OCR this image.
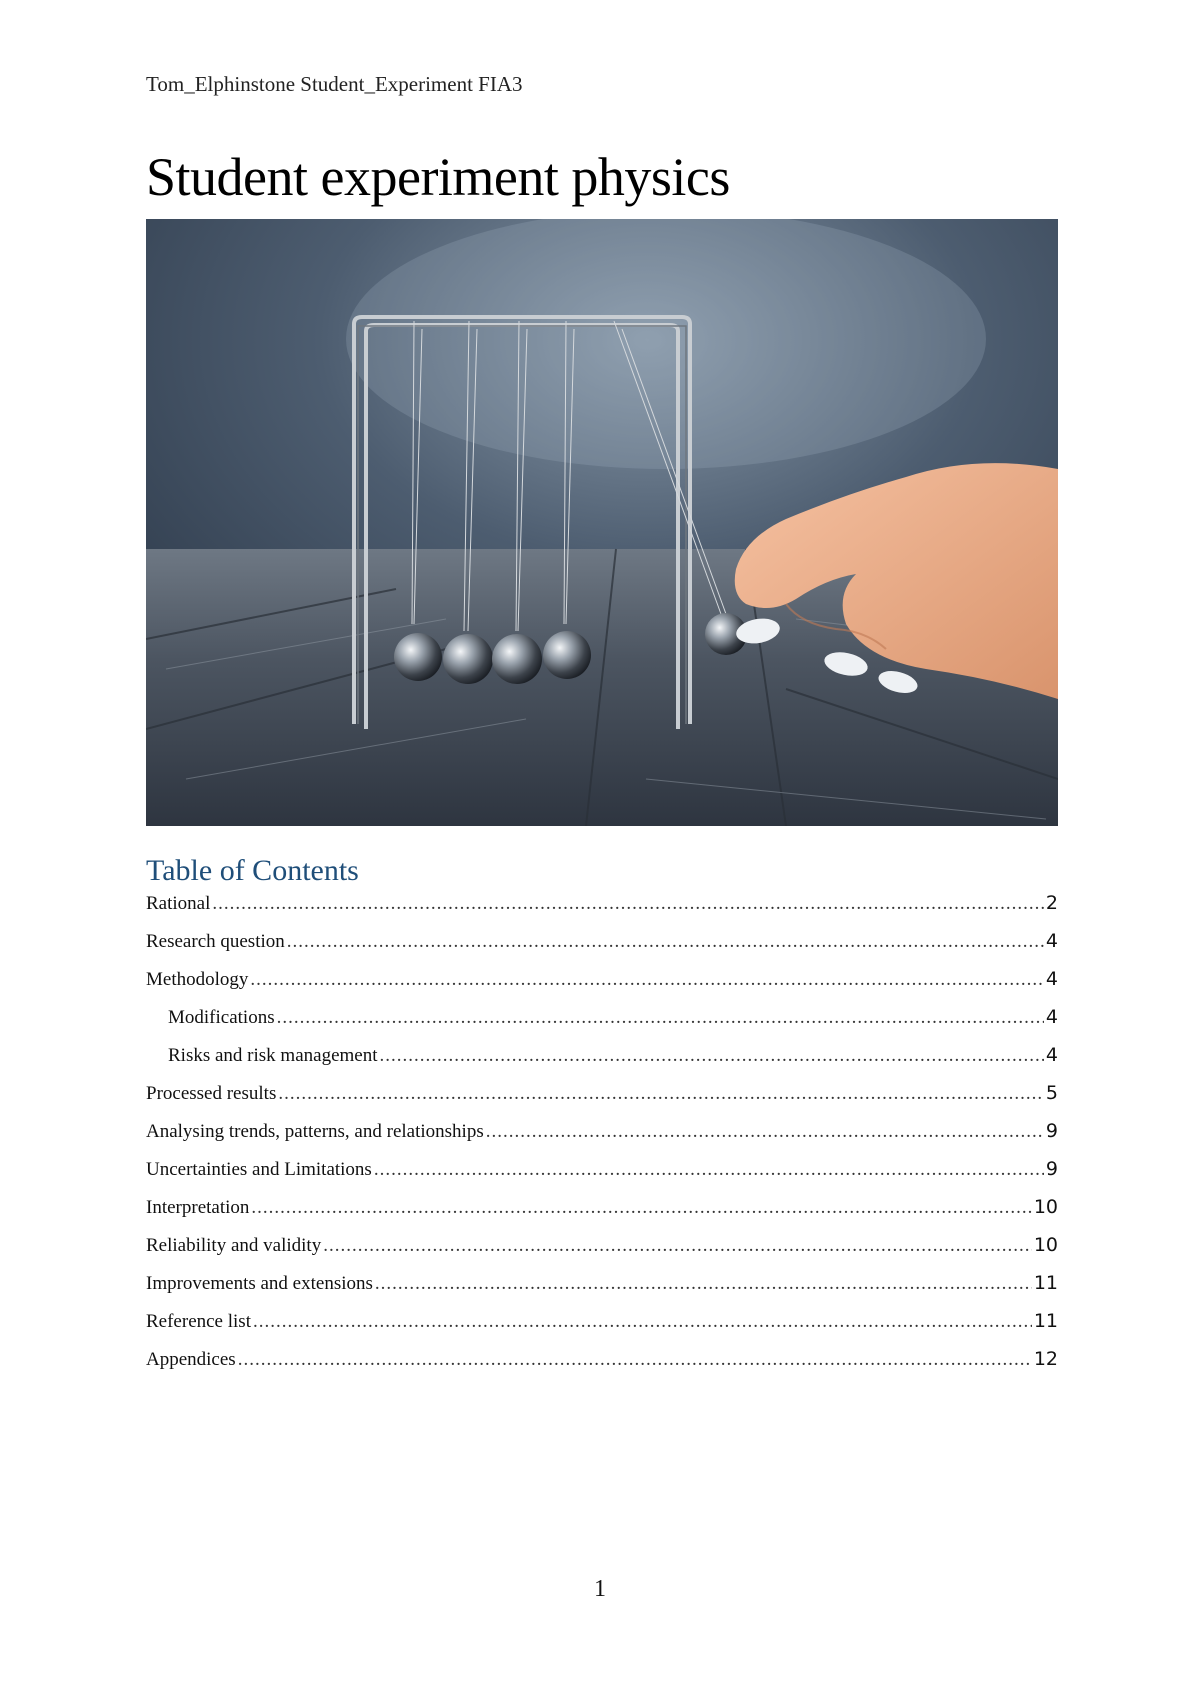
Tom_Elphinstone Student_Experiment FIA3
Student experiment physics
Table of Contents
Rational .....	2
Research question .....	4
Methodology .....	4
Modifications .....	4
Risks and risk management .....	4
Processed results .....	5
Analysing trends, patterns, and relationships .....	9
Uncertainties and Limitations .....	9
Interpretation .....	10
Reliability and validity .....	10
Improvements and extensions .....	11
Reference list .....	11
Appendices .....	12
1
